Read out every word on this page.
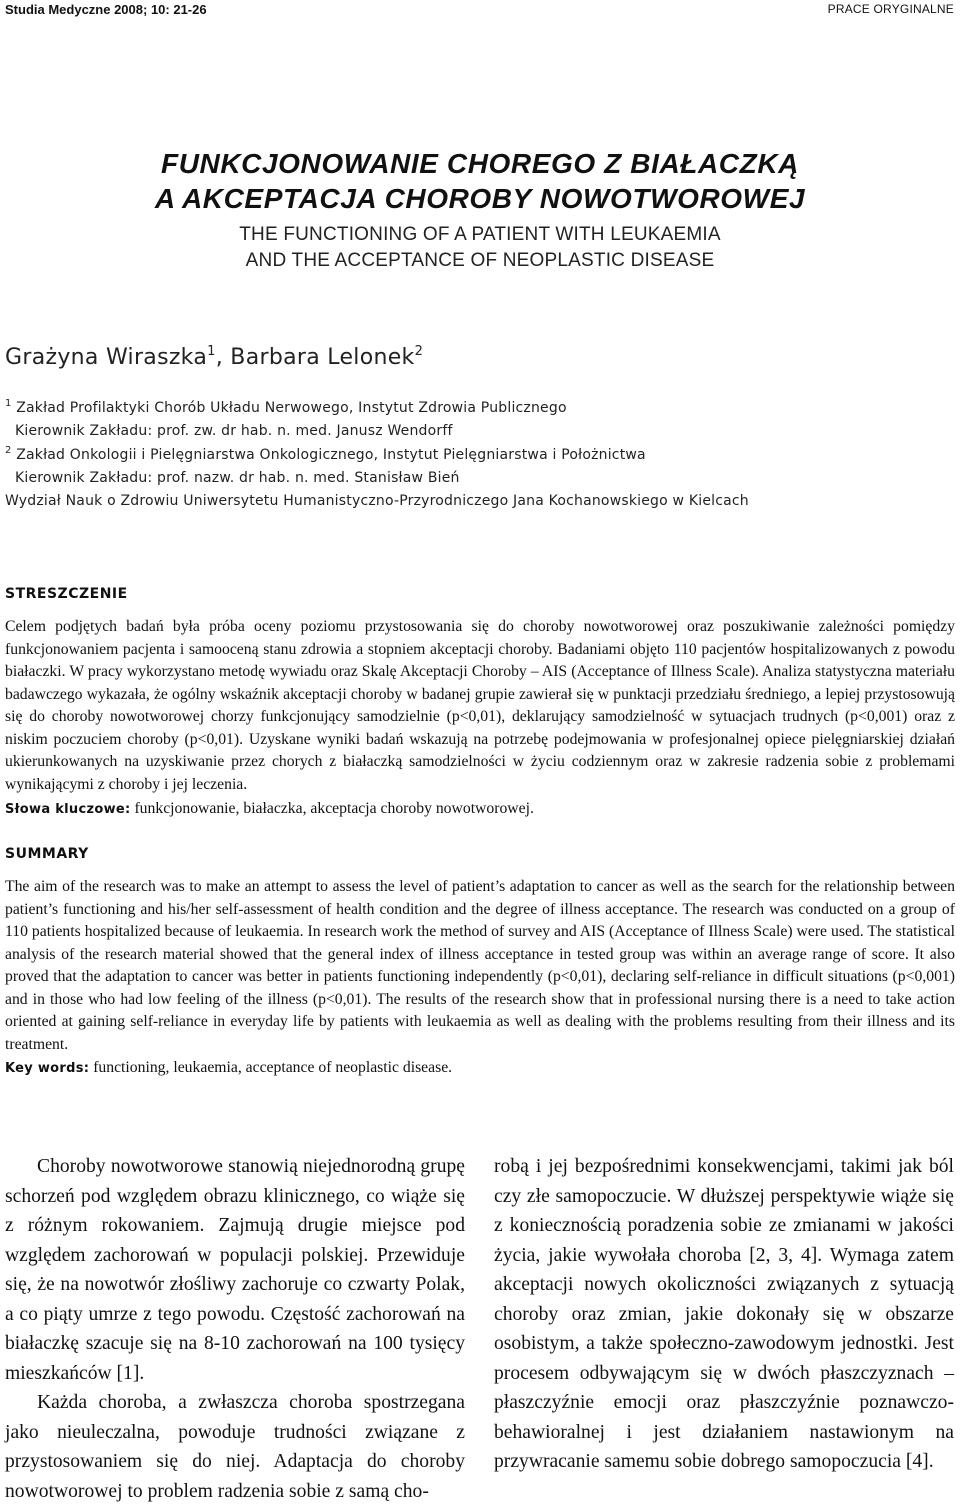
Studia Medyczne 2008; 10: 21-26	PRACE ORYGINALNE
FUNKCJONOWANIE CHOREGO Z BIAŁACZKĄ
A AKCEPTACJA CHOROBY NOWOTWOROWEJ
THE FUNCTIONING OF A PATIENT WITH LEUKAEMIA
AND THE ACCEPTANCE OF NEOPLASTIC DISEASE
Grażyna Wiraszka$^1$, Barbara Lelonek$^2$
$^1$ Zakład Profilaktyki Chorób Układu Nerwowego, Instytut Zdrowia Publicznego
Kierownik Zakładu: prof. zw. dr hab. n. med. Janusz Wendorff
$^2$ Zakład Onkologii i Pielęgniarstwa Onkologicznego, Instytut Pielęgniarstwa i Położnictwa
Kierownik Zakładu: prof. nazw. dr hab. n. med. Stanisław Bień
Wydział Nauk o Zdrowiu Uniwersytetu Humanistyczno-Przyrodniczego Jana Kochanowskiego w Kielcach
STRESZCZENIE
Celem podjętych badań była próba oceny poziomu przystosowania się do choroby nowotworowej oraz poszukiwanie zależności pomiędzy funkcjonowaniem pacjenta i samooceną stanu zdrowia a stopniem akceptacji choroby. Badaniami objęto 110 pacjentów hospitalizowanych z powodu białaczki. W pracy wykorzystano metodę wywiadu oraz Skalę Akceptacji Choroby – AIS (Acceptance of Illness Scale). Analiza statystyczna materiału badawczego wykazała, że ogólny wskaźnik akceptacji choroby w badanej grupie zawierał się w punktacji przedziału średniego, a lepiej przystosowują się do choroby nowotworowej chorzy funkcjonujący samodzielnie (p<0,01), deklarujący samodzielność w sytuacjach trudnych (p<0,001) oraz z niskim poczuciem choroby (p<0,01). Uzyskane wyniki badań wskazują na potrzebę podejmowania w profesjonalnej opiece pielęgniarskiej działań ukierunkowanych na uzyskiwanie przez chorych z białaczką samodzielności w życiu codziennym oraz w zakresie radzenia sobie z problemami wynikającymi z choroby i jej leczenia.
Słowa kluczowe: funkcjonowanie, białaczka, akceptacja choroby nowotworowej.
SUMMARY
The aim of the research was to make an attempt to assess the level of patient’s adaptation to cancer as well as the search for the relationship between patient’s functioning and his/her self-assessment of health condition and the degree of illness acceptance. The research was conducted on a group of 110 patients hospitalized because of leukaemia. In research work the method of survey and AIS (Acceptance of Illness Scale) were used. The statistical analysis of the research material showed that the general index of illness acceptance in tested group was within an average range of score. It also proved that the adaptation to cancer was better in patients functioning independently (p<0,01), declaring self-reliance in difficult situations (p<0,001) and in those who had low feeling of the illness (p<0,01). The results of the research show that in professional nursing there is a need to take action oriented at gaining self-reliance in everyday life by patients with leukaemia as well as dealing with the problems resulting from their illness and its treatment.
Key words: functioning, leukaemia, acceptance of neoplastic disease.

Choroby nowotworowe stanowią niejednorodną grupę schorzeń pod względem obrazu klinicznego, co wiąże się z różnym rokowaniem. Zajmują drugie miejsce pod względem zachorowań w populacji polskiej. Przewiduje się, że na nowotwór złośliwy zachoruje co czwarty Polak, a co piąty umrze z tego powodu. Częstość zachorowań na białaczkę szacuje się na 8-10 zachorowań na 100 tysięcy mieszkańców [1].

Każda choroba, a zwłaszcza choroba spostrzegana jako nieuleczalna, powoduje trudności związane z przystosowaniem się do niej. Adaptacja do choroby nowotworowej to problem radzenia sobie z samą cho-

robą i jej bezpośrednimi konsekwencjami, takimi jak ból czy złe samopoczucie. W dłuższej perspektywie wiąże się z koniecznością poradzenia sobie ze zmianami w jakości życia, jakie wywołała choroba [2, 3, 4]. Wymaga zatem akceptacji nowych okoliczności związanych z sytuacją choroby oraz zmian, jakie dokonały się w obszarze osobistym, a także społeczno-zawodowym jednostki. Jest procesem odbywającym się w dwóch płaszczyznach – płaszczyźnie emocji oraz płaszczyźnie poznawczo-behawioralnej i jest działaniem nastawionym na przywracanie samemu sobie dobrego samopoczucia [4].
